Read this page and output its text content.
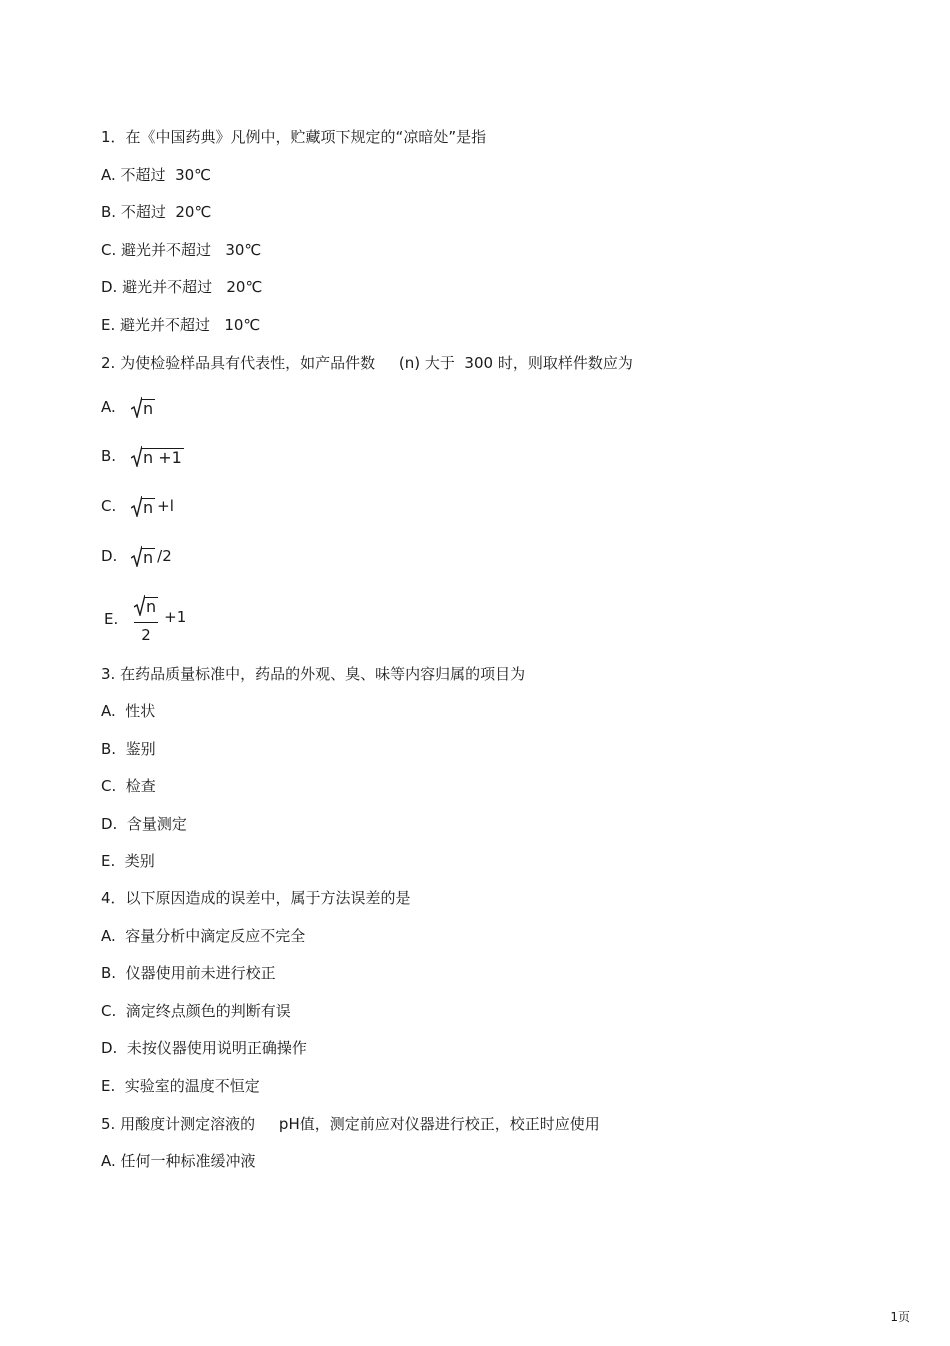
1．在《中国药典》凡例中，贮藏项下规定的“凉暗处”是指
A. 不超过  30℃
B. 不超过  20℃
C. 避光并不超过   30℃
D. 避光并不超过   20℃
E. 避光并不超过   10℃
2. 为使检验样品具有代表性，如产品件数     (n) 大于  300 时，则取样件数应为
A.	n
B.	n +1
C.	n +l
D.	n /2
E. $\frac{n}{2} +1$
3. 在药品质量标准中，药品的外观、臭、味等内容归属的项目为
A.  性状
B.  鉴别
C.  检查
D.  含量测定
E.  类别
4．以下原因造成的误差中，属于方法误差的是
A.  容量分析中滴定反应不完全
B.  仪器使用前未进行校正
C.  滴定终点颜色的判断有误
D.  未按仪器使用说明正确操作
E.  实验室的温度不恒定
5. 用酸度计测定溶液的     pH值，测定前应对仪器进行校正，校正时应使用
A. 任何一种标准缓冲液
1页
